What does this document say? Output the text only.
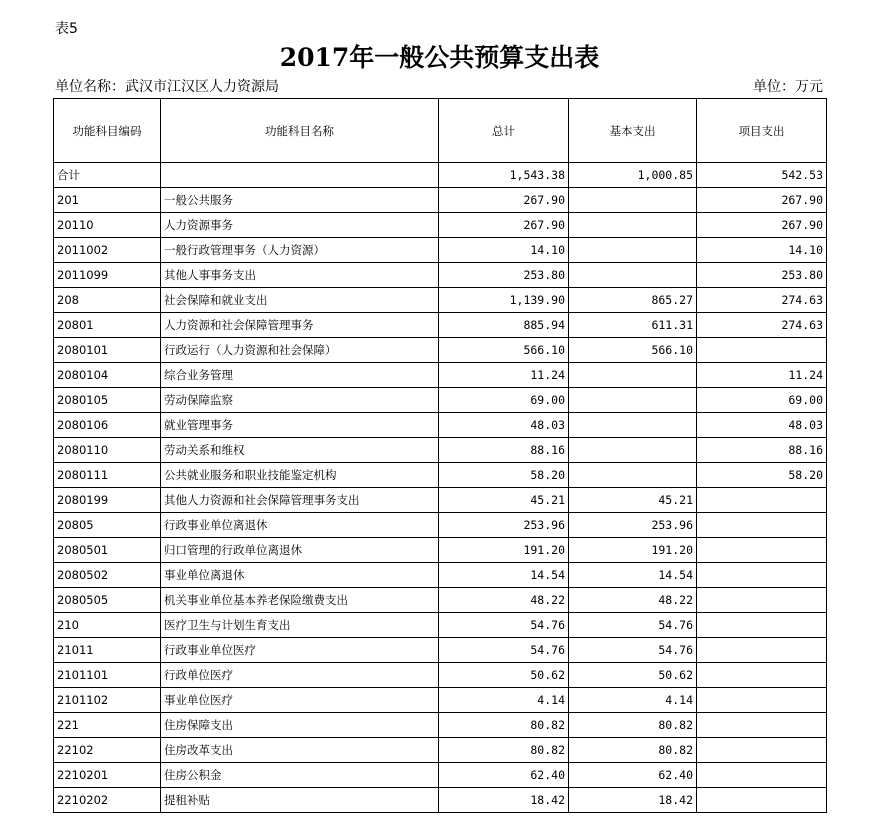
表5
2017年一般公共预算支出表
单位名称：武汉市江汉区人力资源局	单位：万元
功能科目编码	功能科目名称	总计	基本支出	项目支出
合计		1,543.38	1,000.85	542.53
201	一般公共服务	267.90		267.90
20110	人力资源事务	267.90		267.90
2011002	一般行政管理事务（人力资源）	14.10		14.10
2011099	其他人事事务支出	253.80		253.80
208	社会保障和就业支出	1,139.90	865.27	274.63
20801	人力资源和社会保障管理事务	885.94	611.31	274.63
2080101	行政运行（人力资源和社会保障）	566.10	566.10	
2080104	综合业务管理	11.24		11.24
2080105	劳动保障监察	69.00		69.00
2080106	就业管理事务	48.03		48.03
2080110	劳动关系和维权	88.16		88.16
2080111	公共就业服务和职业技能鉴定机构	58.20		58.20
2080199	其他人力资源和社会保障管理事务支出	45.21	45.21	
20805	行政事业单位离退休	253.96	253.96	
2080501	归口管理的行政单位离退休	191.20	191.20	
2080502	事业单位离退休	14.54	14.54	
2080505	机关事业单位基本养老保险缴费支出	48.22	48.22	
210	医疗卫生与计划生育支出	54.76	54.76	
21011	行政事业单位医疗	54.76	54.76	
2101101	行政单位医疗	50.62	50.62	
2101102	事业单位医疗	4.14	4.14	
221	住房保障支出	80.82	80.82	
22102	住房改革支出	80.82	80.82	
2210201	住房公积金	62.40	62.40	
2210202	提租补贴	18.42	18.42	
